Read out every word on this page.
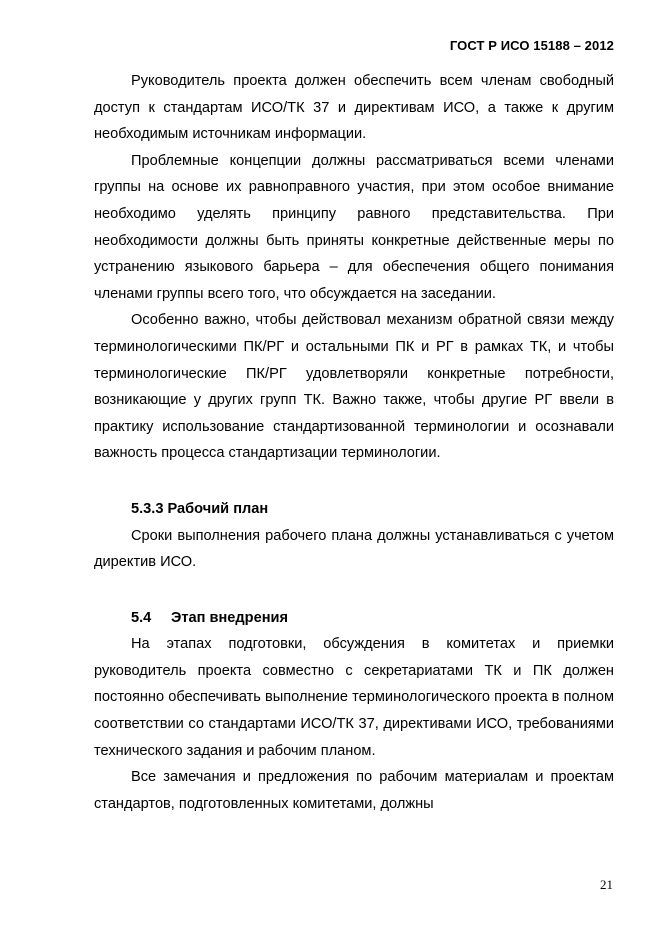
ГОСТ Р ИСО 15188 – 2012

Руководитель проекта должен обеспечить всем членам свободный доступ к стандартам ИСО/ТК 37 и директивам ИСО, а также к другим необходимым источникам информации.

Проблемные концепции должны рассматриваться всеми членами группы на основе их равноправного участия, при этом особое внимание необходимо уделять принципу равного представительства. При необходимости должны быть приняты конкретные действенные меры по устранению языкового барьера – для обеспечения общего понимания членами группы всего того, что обсуждается на заседании.

Особенно важно, чтобы действовал механизм обратной связи между терминологическими ПК/РГ и остальными ПК и РГ в рамках ТК, и чтобы терминологические ПК/РГ удовлетворяли конкретные потребности, возникающие у других групп ТК. Важно также, чтобы другие РГ ввели в практику использование стандартизованной терминологии и осознавали важность процесса стандартизации терминологии.

5.3.3 Рабочий план

Сроки выполнения рабочего плана должны устанавливаться с учетом директив ИСО.

5.4 Этап внедрения

На этапах подготовки, обсуждения в комитетах и приемки руководитель проекта совместно с секретариатами ТК и ПК должен постоянно обеспечивать выполнение терминологического проекта в полном соответствии со стандартами ИСО/ТК 37, директивами ИСО, требованиями технического задания и рабочим планом.

Все замечания и предложения по рабочим материалам и проектам стандартов, подготовленных комитетами, должны

21
